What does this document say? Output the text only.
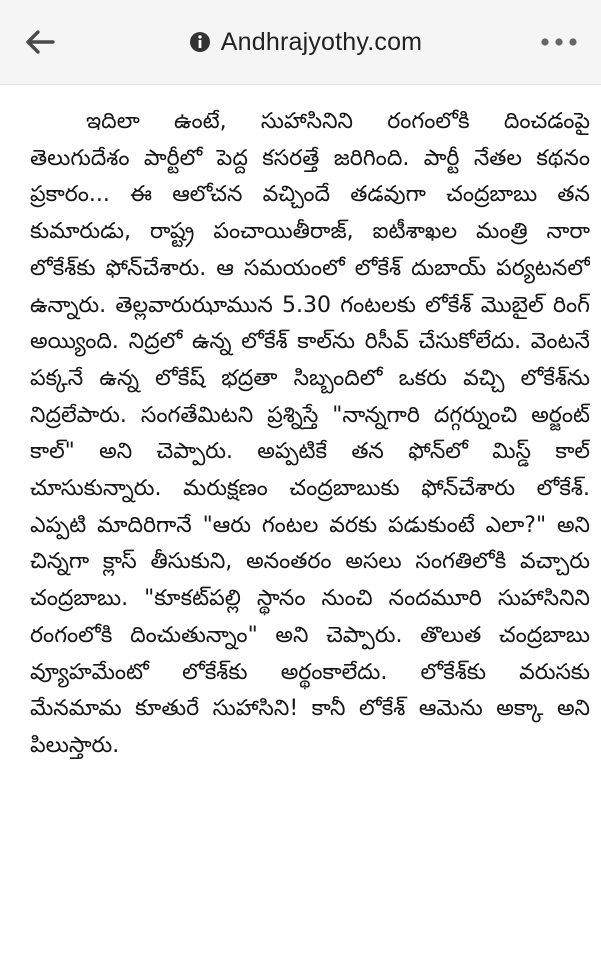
Andhrajyothy.com

ఇదిలా ఉంటే, సుహాసినిని రంగంలోకి దించడంపై తెలుగుదేశం పార్టీలో పెద్ద కసరత్తే జరిగింది. పార్టీ నేతల కథనం ప్రకారం... ఈ ఆలోచన వచ్చిందే తడవుగా చంద్రబాబు తన కుమారుడు, రాష్ట్ర పంచాయితీరాజ్, ఐటీశాఖల మంత్రి నారా లోకేశ్‌కు ఫోన్‌చేశారు. ఆ సమయంలో లోకేశ్ దుబాయ్ పర్యటనలో ఉన్నారు. తెల్లవారుఝామున 5.30 గంటలకు లోకేశ్ మొబైల్ రింగ్ అయ్యింది. నిద్రలో ఉన్న లోకేశ్ కాల్‌ను రిసీవ్ చేసుకోలేదు. వెంటనే పక్కనే ఉన్న లోకేష్ భద్రతా సిబ్బందిలో ఒకరు వచ్చి లోకేశ్‌ను నిద్రలేపారు. సంగతేమిటని ప్రశ్నిస్తే "నాన్నగారి దగ్గర్నుంచి అర్జంట్ కాల్" అని చెప్పారు. అప్పటికే తన ఫోన్‌లో మిస్డ్ కాల్ చూసుకున్నారు. మరుక్షణం చంద్రబాబుకు ఫోన్‌చేశారు లోకేశ్. ఎప్పటి మాదిరిగానే "ఆరు గంటల వరకు పడుకుంటే ఎలా?" అని చిన్నగా క్లాస్ తీసుకుని, అనంతరం అసలు సంగతిలోకి వచ్చారు చంద్రబాబు. "కూకట్‌పల్లి స్థానం నుంచి నందమూరి సుహాసినిని రంగంలోకి దించుతున్నాం" అని చెప్పారు. తొలుత చంద్రబాబు వ్యూహమేంటో లోకేశ్‌కు అర్థంకాలేదు. లోకేశ్‌కు వరుసకు మేనమామ కూతురే సుహాసిని! కానీ లోకేశ్ ఆమెను అక్కా అని పిలుస్తారు.
